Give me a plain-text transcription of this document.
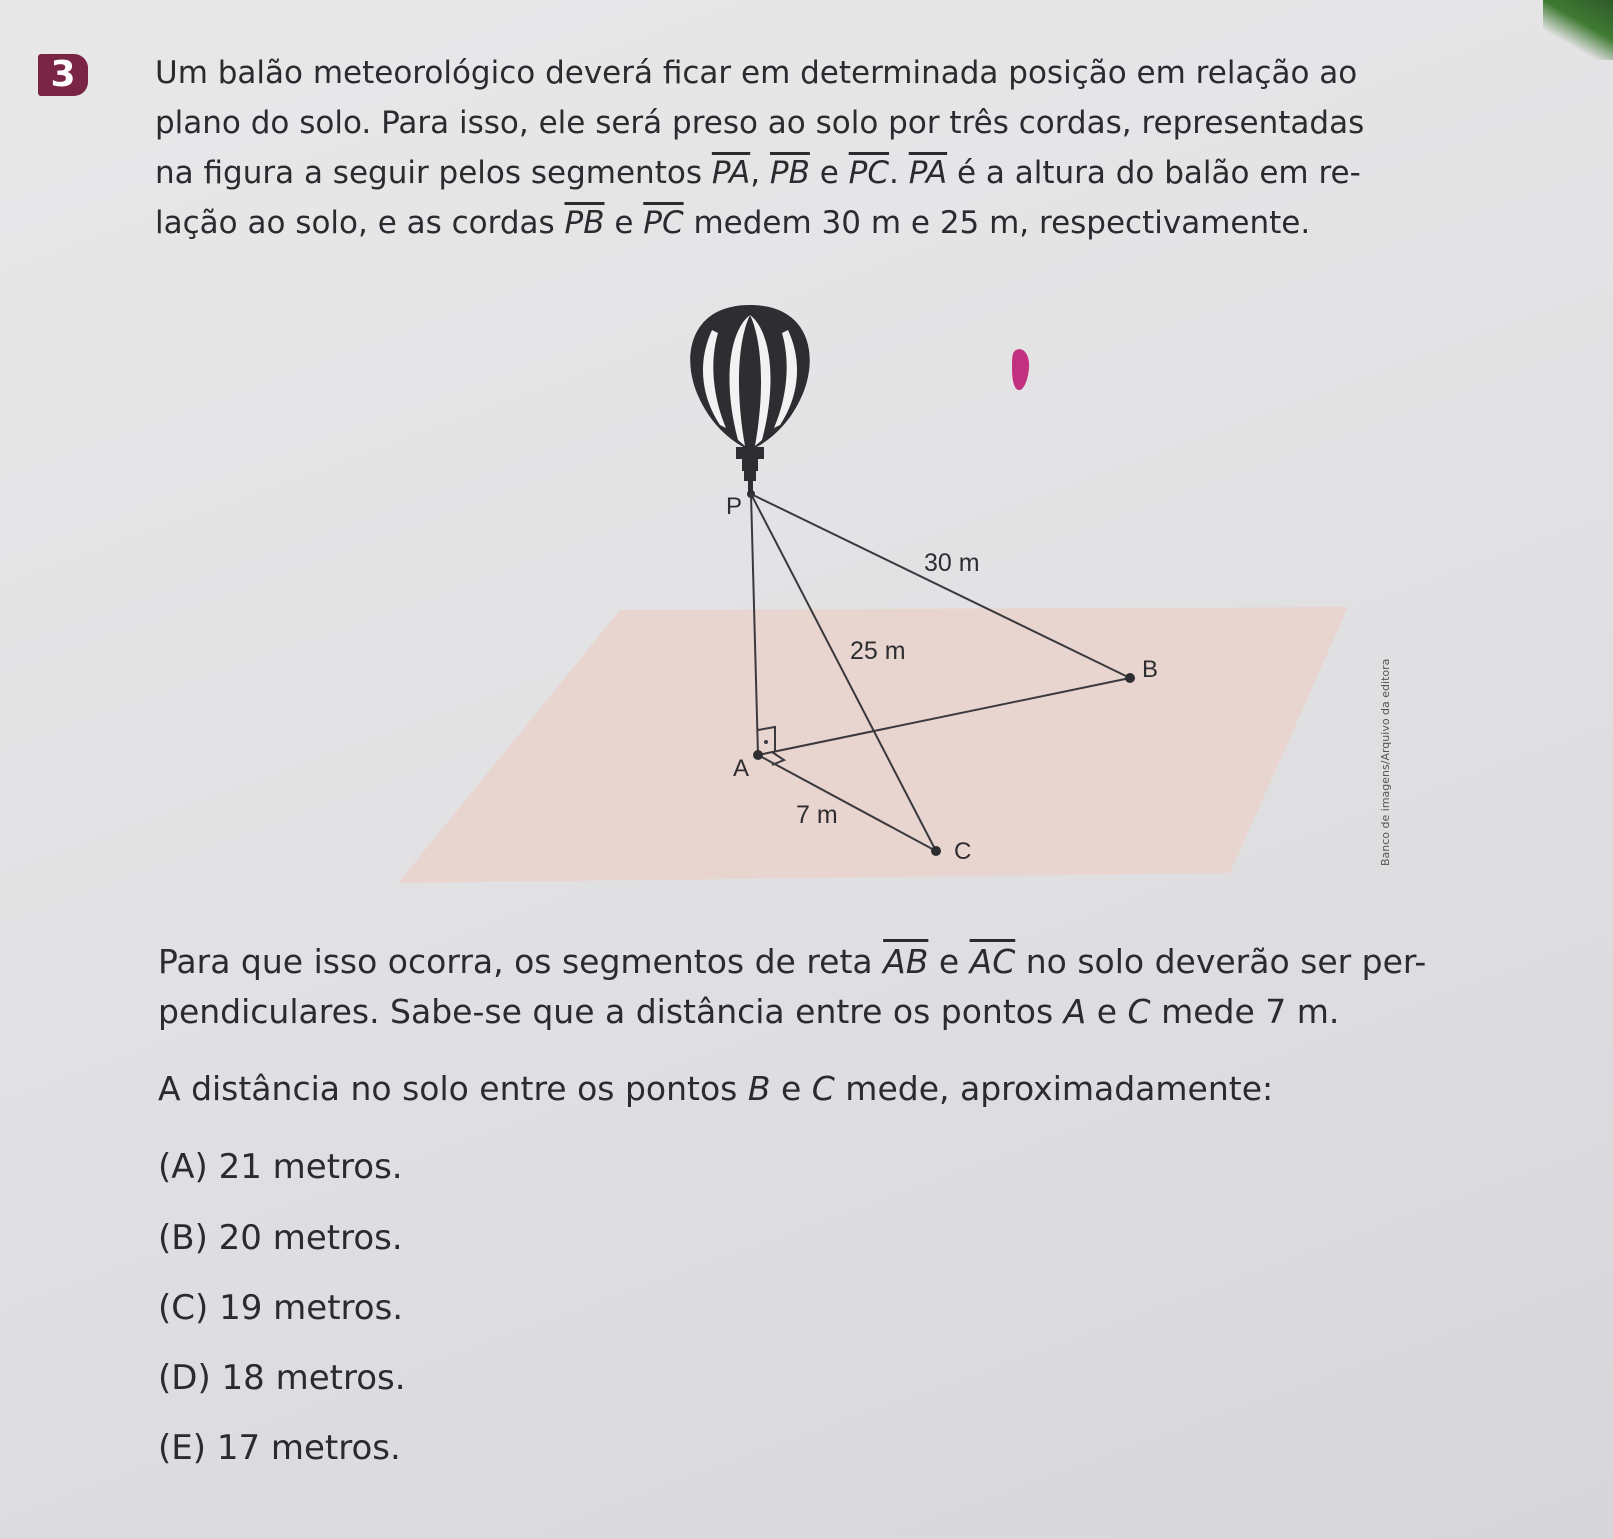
3	Um balão meteorológico deverá ficar em determinada posição em relação ao
plano do solo. Para isso, ele será preso ao solo por três cordas, representadas
na figura a seguir pelos segmentos $\overline{PA}$, $\overline{PB}$ e $\overline{PC}$. $\overline{PA}$ é a altura do balão em re-
lação ao solo, e as cordas $\overline{PB}$ e $\overline{PC}$ medem 30 m e 25 m, respectivamente.
P
A
B
C
30 m
25 m
7 m	Banco de imagens/Arquivo da editora
Para que isso ocorra, os segmentos de reta $\overline{AB}$ e $\overline{AC}$ no solo deverão ser per-
pendiculares. Sabe-se que a distância entre os pontos A e C mede 7 m.
A distância no solo entre os pontos B e C mede, aproximadamente:
(A) 21 metros.
(B) 20 metros.
(C) 19 metros.
(D) 18 metros.
(E) 17 metros.
